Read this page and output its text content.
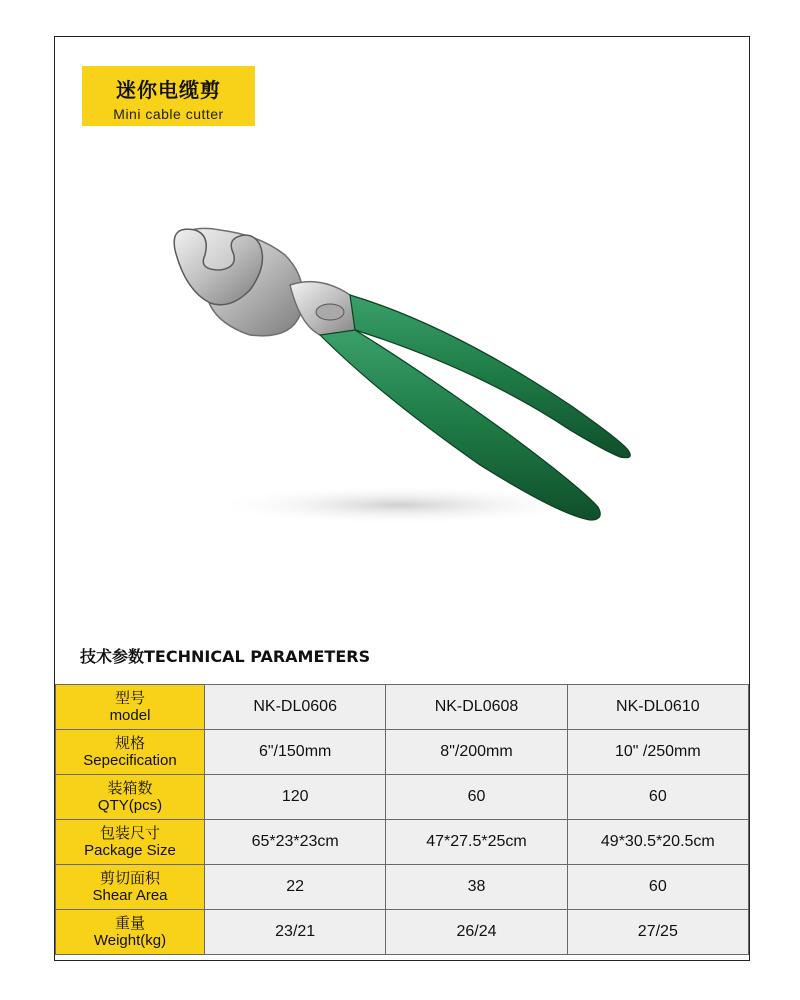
迷你电缆剪
Mini cable cutter
技术参数TECHNICAL PARAMETERS
型号
model	NK-DL0606	NK-DL0608	NK-DL0610

规格
Sepecification	6"/150mm	8"/200mm	10" /250mm

装箱数
QTY(pcs)	120	60	60

包装尺寸
Package Size	65*23*23cm	47*27.5*25cm	49*30.5*20.5cm

剪切面积
Shear Area	22	38	60

重量
Weight(kg)	23/21	26/24	27/25
